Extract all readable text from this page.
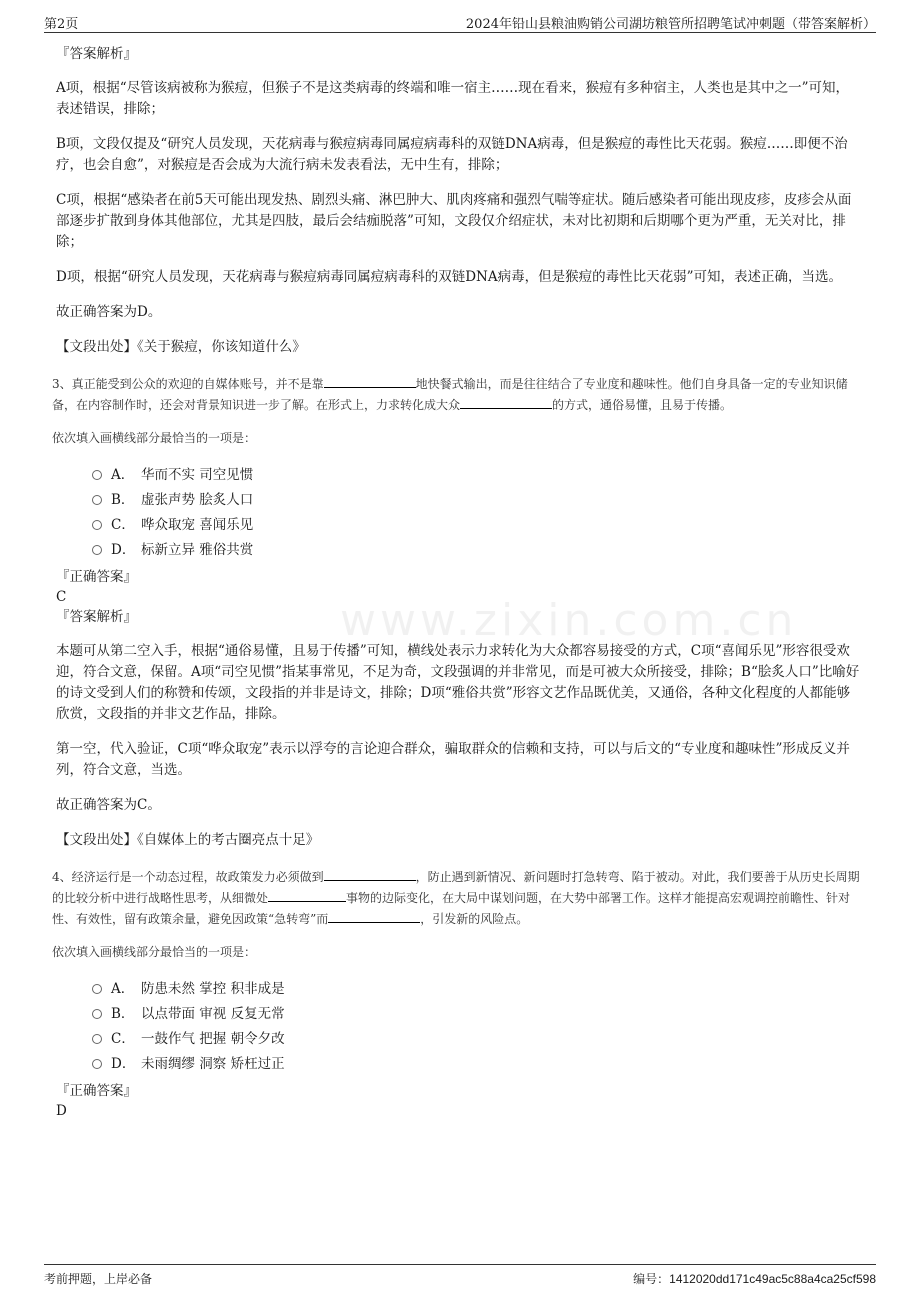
第2页	2024年铅山县粮油购销公司湖坊粮管所招聘笔试冲刺题（带答案解析）
www.zixin.com.cn
『答案解析』

A项，根据“尽管该病被称为猴痘，但猴子不是这类病毒的终端和唯一宿主……现在看来，猴痘有多种宿主，人类也是其中之一”可知，表述错误，排除；

B项，文段仅提及“研究人员发现，天花病毒与猴痘病毒同属痘病毒科的双链DNA病毒，但是猴痘的毒性比天花弱。猴痘……即便不治疗，也会自愈”，对猴痘是否会成为大流行病未发表看法，无中生有，排除；

C项，根据“感染者在前5天可能出现发热、剧烈头痛、淋巴肿大、肌肉疼痛和强烈气喘等症状。随后感染者可能出现皮疹，皮疹会从面部逐步扩散到身体其他部位，尤其是四肢，最后会结痂脱落”可知，文段仅介绍症状，未对比初期和后期哪个更为严重，无关对比，排除；

D项，根据“研究人员发现，天花病毒与猴痘病毒同属痘病毒科的双链DNA病毒，但是猴痘的毒性比天花弱”可知，表述正确，当选。

故正确答案为D。

【文段出处】《关于猴痘，你该知道什么》

3、真正能受到公众的欢迎的自媒体账号，并不是靠	地快餐式输出，而是往往结合了专业度和趣味性。他们自身具备一定的专业知识储备，在内容制作时，还会对背景知识进一步了解。在形式上，力求转化成大众	的方式，通俗易懂，且易于传播。

依次填入画横线部分最恰当的一项是：

A． 华而不实 司空见惯
B． 虚张声势 脍炙人口
C． 哗众取宠 喜闻乐见
D． 标新立异 雅俗共赏
『正确答案』
C
『答案解析』

本题可从第二空入手，根据“通俗易懂，且易于传播”可知，横线处表示力求转化为大众都容易接受的方式，C项“喜闻乐见”形容很受欢迎，符合文意，保留。A项“司空见惯”指某事常见，不足为奇，文段强调的并非常见，而是可被大众所接受，排除；B“脍炙人口”比喻好的诗文受到人们的称赞和传颂，文段指的并非是诗文，排除；D项“雅俗共赏”形容文艺作品既优美，又通俗，各种文化程度的人都能够欣赏，文段指的并非文艺作品，排除。

第一空，代入验证，C项“哗众取宠”表示以浮夸的言论迎合群众，骗取群众的信赖和支持，可以与后文的“专业度和趣味性”形成反义并列，符合文意，当选。

故正确答案为C。

【文段出处】《自媒体上的考古圈亮点十足》

4、经济运行是一个动态过程，故政策发力必须做到	，防止遇到新情况、新问题时打急转弯、陷于被动。对此，我们要善于从历史长周期的比较分析中进行战略性思考，从细微处	事物的边际变化，在大局中谋划问题，在大势中部署工作。这样才能提高宏观调控前瞻性、针对性、有效性，留有政策余量，避免因政策“急转弯”而	，引发新的风险点。

依次填入画横线部分最恰当的一项是：

A． 防患未然 掌控 积非成是
B． 以点带面 审视 反复无常
C． 一鼓作气 把握 朝令夕改
D． 未雨绸缪 洞察 矫枉过正
『正确答案』
D
考前押题，上岸必备	编号：1412020dd171c49ac5c88a4ca25cf598
